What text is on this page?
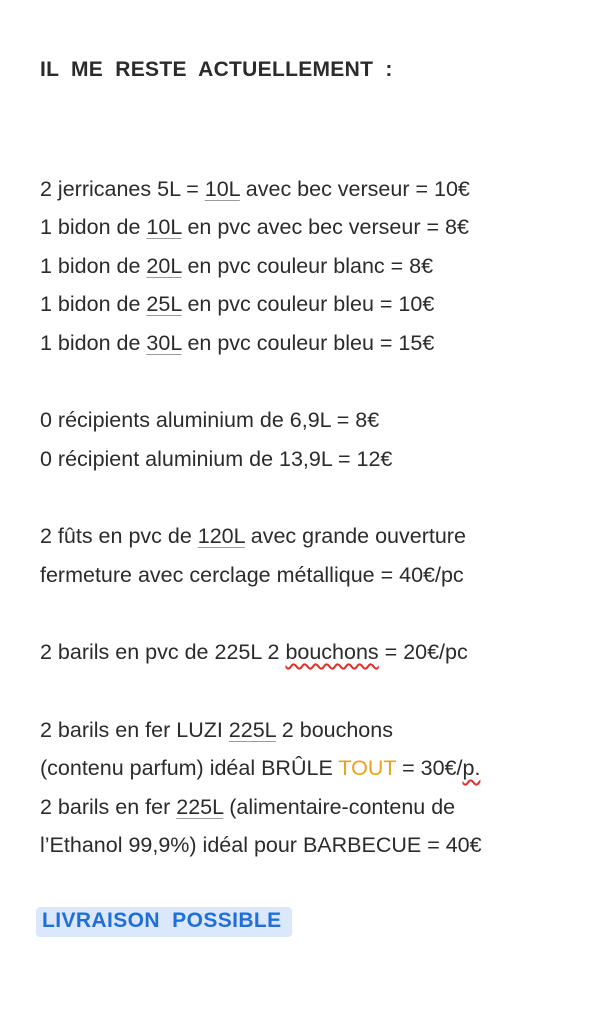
IL ME RESTE ACTUELLEMENT :
2 jerricanes 5L = 10L avec bec verseur = 10€
1 bidon de 10L en pvc avec bec verseur = 8€
1 bidon de 20L en pvc couleur blanc = 8€
1 bidon de 25L en pvc couleur bleu = 10€
1 bidon de 30L en pvc couleur bleu = 15€
0 récipients aluminium de 6,9L = 8€
0 récipient aluminium de 13,9L = 12€
2 fûts en pvc de 120L avec grande ouverture
fermeture avec cerclage métallique = 40€/pc
2 barils en pvc de 225L 2 bouchons = 20€/pc
2 barils en fer LUZI 225L 2 bouchons
(contenu parfum) idéal BRÛLE TOUT = 30€/p.
2 barils en fer 225L (alimentaire-contenu de
l’Ethanol 99,9%) idéal pour BARBECUE = 40€
LIVRAISON POSSIBLE
